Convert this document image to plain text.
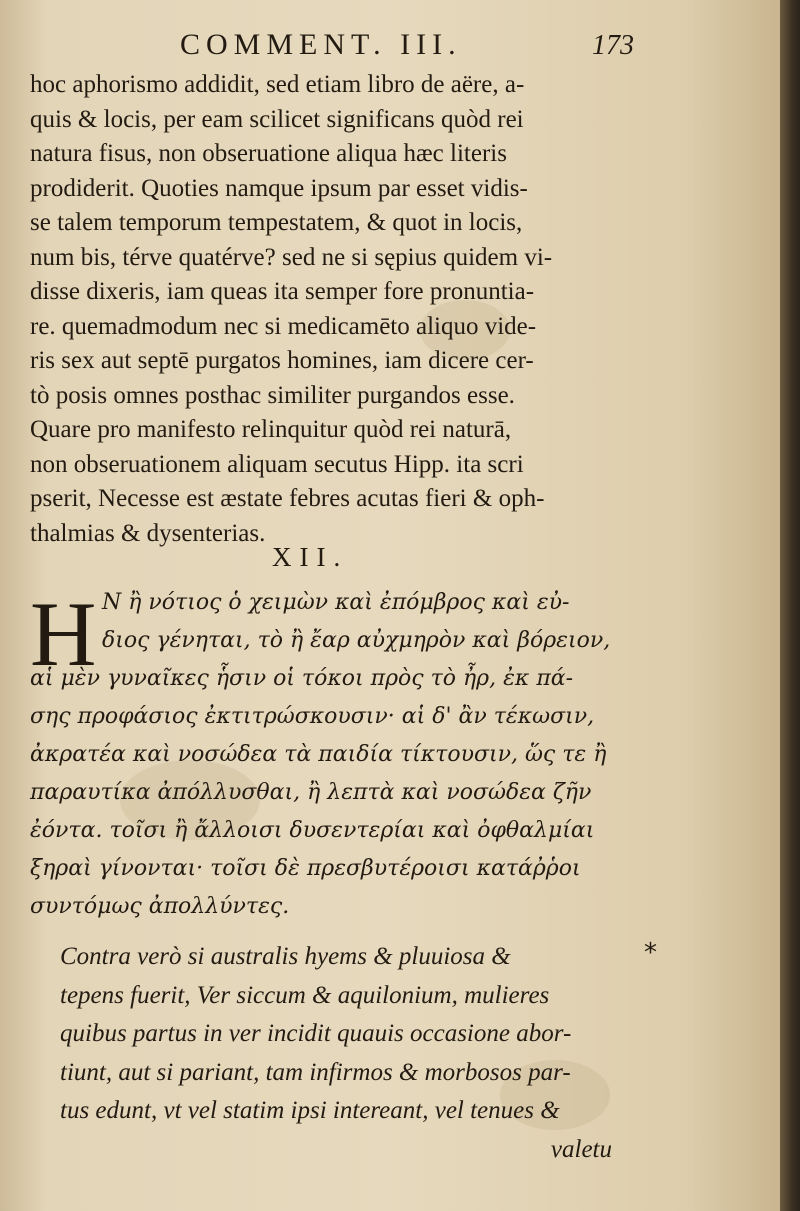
COMMENT. III.	173
hoc aphorismo addidit, sed etiam libro de aëre, a-
quis & locis, per eam scilicet significans quòd rei
natura fisus, non obseruatione aliqua hæc literis
prodiderit. Quoties namque ipsum par esset vidis-
se talem temporum tempestatem, & quot in locis,
num bis, térve quatérve? sed ne si sępius quidem vi-
disse dixeris, iam queas ita semper fore pronuntia-
re. quemadmodum nec si medicamēto aliquo vide-
ris sex aut septē purgatos homines, iam dicere cer-
tò posis omnes posthac similiter purgandos esse.
Quare pro manifesto relinquitur quòd rei naturā,
non obseruationem aliquam secutus Hipp. ita scri
pserit, Necesse est æstate febres acutas fieri & oph-
thalmias & dysenterias.
XII.
H Ν ἢ νότιος ὁ χειμὼν καὶ ἐπόμβρος καὶ εὐ-
διος γένηται, τὸ ἢ ἔαρ αὐχμηρὸν καὶ βόρειον,
αἱ μὲν γυναῖκες ἧσιν οἱ τόκοι πρὸς τὸ ἦρ, ἐκ πά-
σης προφάσιος ἐκτιτρώσκουσιν· αἱ δ' ἂν τέκωσιν,
ἀκρατέα καὶ νοσώδεα τὰ παιδία τίκτουσιν, ὥς τε ἢ
παραυτίκα ἀπόλλυσθαι, ἢ λεπτὰ καὶ νοσώδεα ζῆν
ἐόντα. τοῖσι ἢ ἄλλοισι δυσεντερίαι καὶ ὀφθαλμίαι
ξηραὶ γίνονται· τοῖσι δὲ πρεσβυτέροισι κατάῤῥοι
συντόμως ἀπολλύντες.
*
Contra verò si australis hyems & pluuiosa &
tepens fuerit, Ver siccum & aquilonium, mulieres
quibus partus in ver incidit quauis occasione abor-
tiunt, aut si pariant, tam infirmos & morbosos par-
tus edunt, vt vel statim ipsi intereant, vel tenues &
valetu
